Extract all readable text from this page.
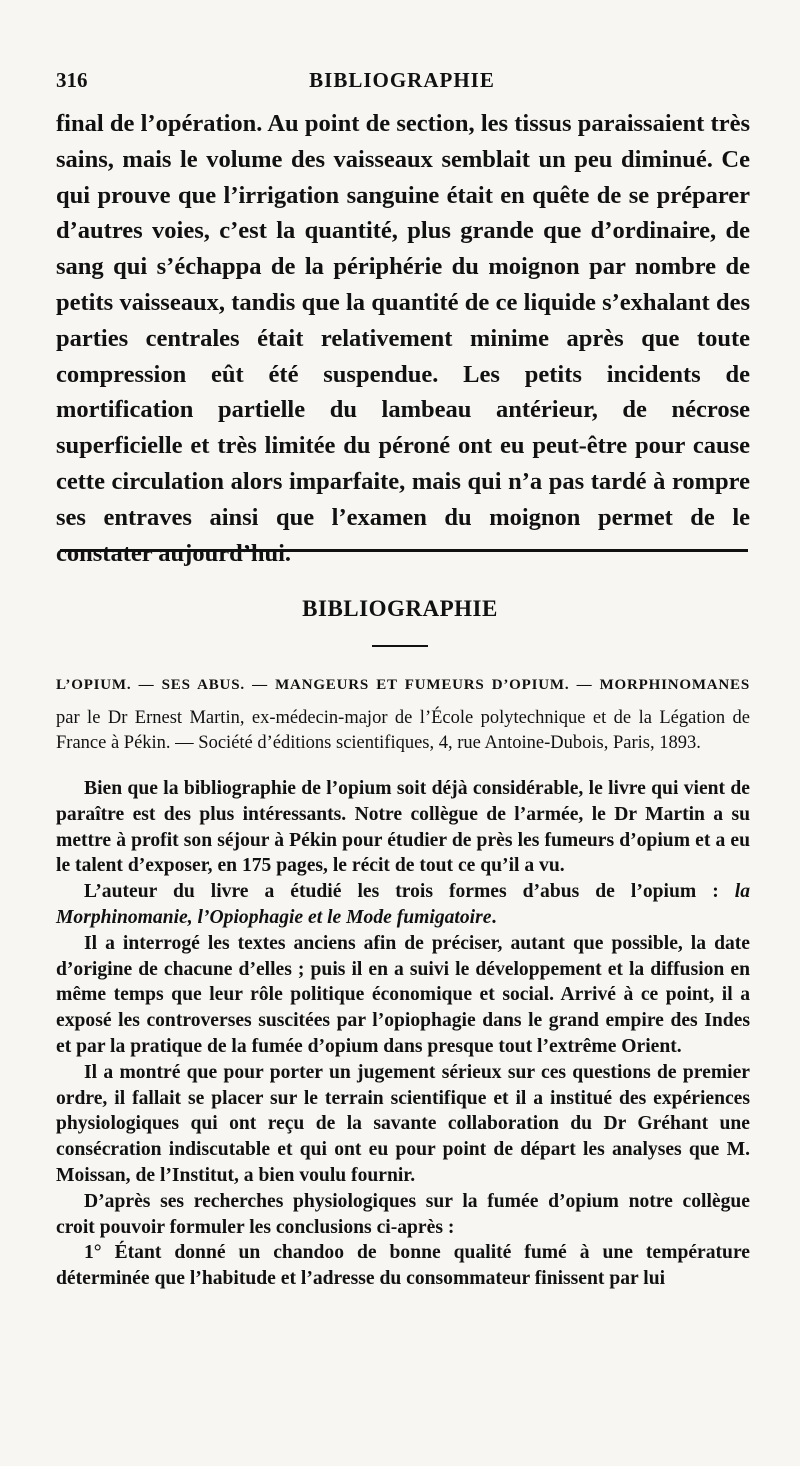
316	BIBLIOGRAPHIE

final de l’opération. Au point de section, les tissus paraissaient très sains, mais le volume des vaisseaux semblait un peu diminué. Ce qui prouve que l’irrigation sanguine était en quête de se préparer d’autres voies, c’est la quantité, plus grande que d’ordinaire, de sang qui s’échappa de la périphérie du moignon par nombre de petits vaisseaux, tandis que la quantité de ce liquide s’exhalant des parties centrales était relativement minime après que toute compression eût été suspendue. Les petits incidents de mortification partielle du lambeau antérieur, de nécrose superficielle et très limitée du péroné ont eu peut-être pour cause cette circulation alors imparfaite, mais qui n’a pas tardé à rompre ses entraves ainsi que l’examen du moignon permet de le constater aujourd’hui.

BIBLIOGRAPHIE

L’OPIUM. — SES ABUS. — MANGEURS ET FUMEURS D’OPIUM. — MORPHINOMANES

par le Dr Ernest Martin, ex-médecin-major de l’École polytechnique et de la Légation de France à Pékin. — Société d’éditions scientifiques, 4, rue Antoine-Dubois, Paris, 1893.

Bien que la bibliographie de l’opium soit déjà considérable, le livre qui vient de paraître est des plus intéressants. Notre collègue de l’armée, le Dr Martin a su mettre à profit son séjour à Pékin pour étudier de près les fumeurs d’opium et a eu le talent d’exposer, en 175 pages, le récit de tout ce qu’il a vu.

L’auteur du livre a étudié les trois formes d’abus de l’opium : la Morphinomanie, l’Opiophagie et le Mode fumigatoire.

Il a interrogé les textes anciens afin de préciser, autant que possible, la date d’origine de chacune d’elles ; puis il en a suivi le développement et la diffusion en même temps que leur rôle politique économique et social. Arrivé à ce point, il a exposé les controverses suscitées par l’opiophagie dans le grand empire des Indes et par la pratique de la fumée d’opium dans presque tout l’extrême Orient.

Il a montré que pour porter un jugement sérieux sur ces questions de premier ordre, il fallait se placer sur le terrain scientifique et il a institué des expériences physiologiques qui ont reçu de la savante collaboration du Dr Gréhant une consécration indiscutable et qui ont eu pour point de départ les analyses que M. Moissan, de l’Institut, a bien voulu fournir.

D’après ses recherches physiologiques sur la fumée d’opium notre collègue croit pouvoir formuler les conclusions ci-après :

1° Étant donné un chandoo de bonne qualité fumé à une température déterminée que l’habitude et l’adresse du consommateur finissent par lui
